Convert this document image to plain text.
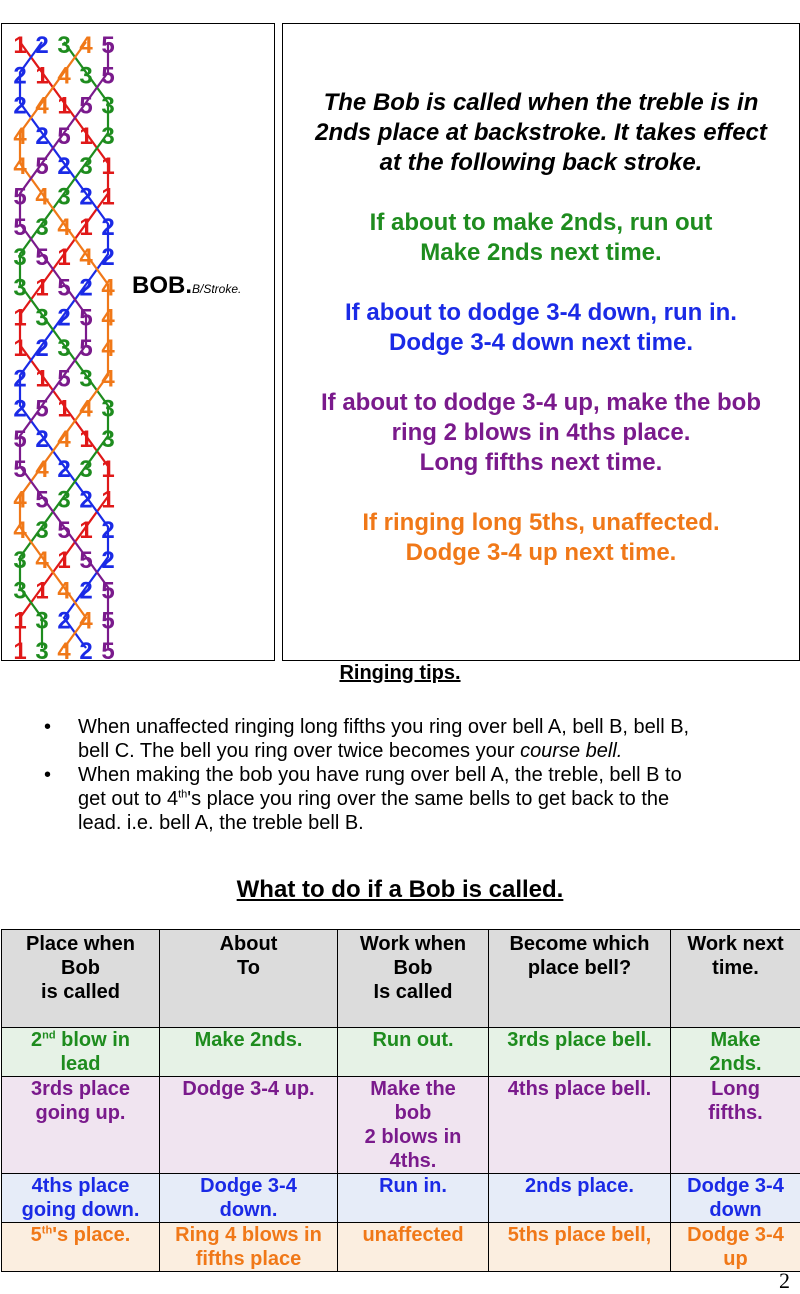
1 2 3 4 5
2 1 4 3 5
2 4 1 5 3
4 2 5 1 3
4 5 2 3 1
5 4 3 2 1
5 3 4 1 2
3 5 1 4 2
3 1 5 2 4
1 3 2 5 4
1 2 3 5 4
2 1 5 3 4
2 5 1 4 3
5 2 4 1 3
5 4 2 3 1
4 5 3 2 1
4 3 5 1 2
3 4 1 5 2
3 1 4 2 5
1 3 2 4 5
1 3 4 2 5
BOB.B/Stroke.

The Bob is called when the treble is in

2nds place at backstroke. It takes effect

at the following back stroke.

If about to make 2nds, run out

Make 2nds next time.

If about to dodge 3-4 down, run in.

Dodge 3-4 down next time.

If about to dodge 3-4 up, make the bob

ring 2 blows in 4ths place.

Long fifths next time.

If ringing long 5ths, unaffected.

Dodge 3-4 up next time.

Ringing tips.
• When unaffected ringing long fifths you ring over bell A, bell B, bell B,
bell C. The bell you ring over twice becomes your course bell.
• When making the bob you have rung over bell A, the treble, bell B to
get out to 4th's place you ring over the same bells to get back to the
lead. i.e. bell A, the treble bell B.
What to do if a Bob is called.
Place when
Bob
is called	About
To	Work when
Bob
Is called	Become which
place bell?	Work next
time.
2nd blow in
lead	Make 2nds.	Run out.	3rds place bell.	Make
2nds.
3rds place
going up.	Dodge 3-4 up.	Make the
bob
2 blows in
4ths.	4ths place bell.	Long
fifths.
4ths place
going down.	Dodge 3-4
down.	Run in.	2nds place.	Dodge 3-4
down
5th's place.	Ring 4 blows in
fifths place	unaffected	5ths place bell,	Dodge 3-4
up
2
